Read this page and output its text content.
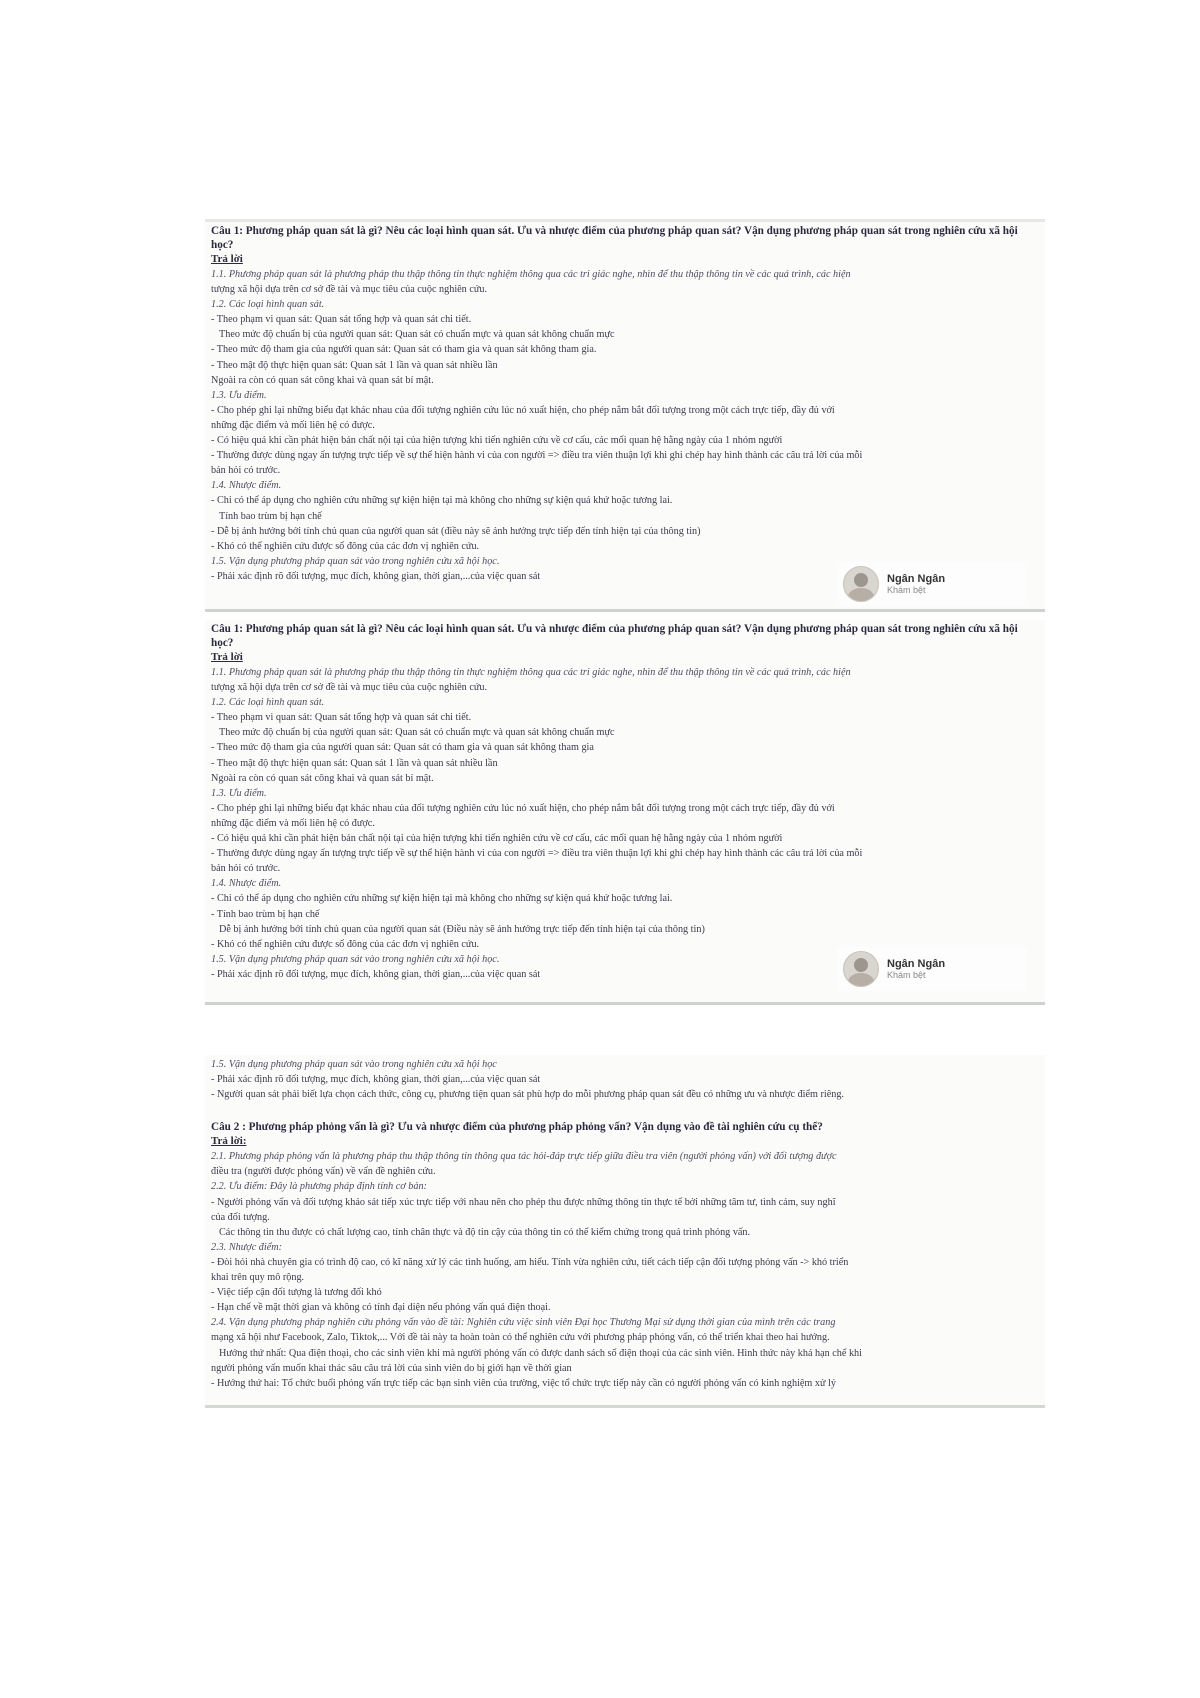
Câu 1: Phương pháp quan sát là gì? Nêu các loại hình quan sát. Ưu và nhược điểm của phương pháp quan sát? Vận dụng phương pháp quan sát trong nghiên cứu xã hội học?

Trả lời

1.1. Phương pháp quan sát là phương pháp thu thập thông tin thực nghiệm thông qua các tri giác nghe, nhìn để thu thập thông tin về các quá trình, các hiện

tượng xã hội dựa trên cơ sở đề tài và mục tiêu của cuộc nghiên cứu.

1.2. Các loại hình quan sát.

- Theo phạm vi quan sát: Quan sát tổng hợp và quan sát chi tiết.

Theo mức độ chuẩn bị của người quan sát: Quan sát có chuẩn mực và quan sát không chuẩn mực

- Theo mức độ tham gia của người quan sát: Quan sát có tham gia và quan sát không tham gia.

- Theo mật độ thực hiện quan sát: Quan sát 1 lần và quan sát nhiều lần

Ngoài ra còn có quan sát công khai và quan sát bí mật.

1.3. Ưu điểm.

- Cho phép ghi lại những biểu đạt khác nhau của đối tượng nghiên cứu lúc nó xuất hiện, cho phép nắm bắt đối tượng trong một cách trực tiếp, đầy đủ với

những đặc điểm và mối liên hệ có được.

- Có hiệu quả khi cần phát hiện bản chất nội tại của hiện tượng khi tiến nghiên cứu về cơ cấu, các mối quan hệ hằng ngày của 1 nhóm người

- Thường được dùng ngay ấn tượng trực tiếp về sự thể hiện hành vi của con người => điều tra viên thuận lợi khi ghi chép hay hình thành các câu trả lời của mỗi

bản hỏi có trước.

1.4. Nhược điểm.

- Chỉ có thể áp dụng cho nghiên cứu những sự kiện hiện tại mà không cho những sự kiện quá khứ hoặc tương lai.

Tính bao trùm bị hạn chế

- Dễ bị ảnh hưởng bởi tính chủ quan của người quan sát (điều này sẽ ảnh hưởng trực tiếp đến tính hiện tại của thông tin)

- Khó có thể nghiên cứu được số đông của các đơn vị nghiên cứu.

1.5. Vận dụng phương pháp quan sát vào trong nghiên cứu xã hội học.

- Phải xác định rõ đối tượng, mục đích, không gian, thời gian,...của việc quan sát	Ngân Ngân
Khám bệt

Câu 1: Phương pháp quan sát là gì? Nêu các loại hình quan sát. Ưu và nhược điểm của phương pháp quan sát? Vận dụng phương pháp quan sát trong nghiên cứu xã hội học?

Trả lời

1.1. Phương pháp quan sát là phương pháp thu thập thông tin thực nghiệm thông qua các tri giác nghe, nhìn để thu thập thông tin về các quá trình, các hiện

tượng xã hội dựa trên cơ sở đề tài và mục tiêu của cuộc nghiên cứu.

1.2. Các loại hình quan sát.

- Theo phạm vi quan sát: Quan sát tổng hợp và quan sát chi tiết.

Theo mức độ chuẩn bị của người quan sát: Quan sát có chuẩn mực và quan sát không chuẩn mực

- Theo mức độ tham gia của người quan sát: Quan sát có tham gia và quan sát không tham gia

- Theo mật độ thực hiện quan sát: Quan sát 1 lần và quan sát nhiều lần

Ngoài ra còn có quan sát công khai và quan sát bí mật.

1.3. Ưu điểm.

- Cho phép ghi lại những biểu đạt khác nhau của đối tượng nghiên cứu lúc nó xuất hiện, cho phép nắm bắt đối tượng trong một cách trực tiếp, đầy đủ với

những đặc điểm và mối liên hệ có được.

- Có hiệu quả khi cần phát hiện bản chất nội tại của hiện tượng khi tiến nghiên cứu về cơ cấu, các mối quan hệ hằng ngày của 1 nhóm người

- Thường được dùng ngay ấn tượng trực tiếp về sự thể hiện hành vi của con người => điều tra viên thuận lợi khi ghi chép hay hình thành các câu trả lời của mỗi

bản hỏi có trước.

1.4. Nhược điểm.

- Chỉ có thể áp dụng cho nghiên cứu những sự kiện hiện tại mà không cho những sự kiện quá khứ hoặc tương lai.

- Tính bao trùm bị hạn chế

Dễ bị ảnh hưởng bởi tính chủ quan của người quan sát (Điều này sẽ ảnh hưởng trực tiếp đến tính hiện tại của thông tin)

- Khó có thể nghiên cứu được số đông của các đơn vị nghiên cứu.

1.5. Vận dụng phương pháp quan sát vào trong nghiên cứu xã hội học.

- Phải xác định rõ đối tượng, mục đích, không gian, thời gian,...của việc quan sát

Ngân Ngân
Khám bệt

1.5. Vận dụng phương pháp quan sát vào trong nghiên cứu xã hội học

- Phải xác định rõ đối tượng, mục đích, không gian, thời gian,...của việc quan sát

- Người quan sát phải biết lựa chọn cách thức, công cụ, phương tiện quan sát phù hợp do mỗi phương pháp quan sát đều có những ưu và nhược điểm riêng.

Câu 2 : Phương pháp phỏng vấn là gì? Ưu và nhược điểm của phương pháp phỏng vấn? Vận dụng vào đề tài nghiên cứu cụ thể?

Trả lời:

2.1. Phương pháp phỏng vấn là phương pháp thu thập thông tin thông qua tác hỏi-đáp trực tiếp giữa điều tra viên (người phỏng vấn) với đối tượng được

điều tra (người được phỏng vấn) về vấn đề nghiên cứu.

2.2. Ưu điểm: Đây là phương pháp định tính cơ bản:

- Người phỏng vấn và đối tượng khảo sát tiếp xúc trực tiếp với nhau nên cho phép thu được những thông tin thực tế bởi những tâm tư, tình cảm, suy nghĩ

của đối tượng.

Các thông tin thu được có chất lượng cao, tính chân thực và độ tin cậy của thông tin có thể kiểm chứng trong quá trình phỏng vấn.

2.3. Nhược điểm:

- Đòi hỏi nhà chuyên gia có trình độ cao, có kĩ năng xử lý các tình huống, am hiểu. Tính vừa nghiên cứu, tiết cách tiếp cận đối tượng phỏng vấn -> khó triển

khai trên quy mô rộng.

- Việc tiếp cận đối tượng là tương đối khó

- Hạn chế về mặt thời gian và không có tính đại diện nếu phỏng vấn quá điện thoại.

2.4. Vận dụng phương pháp nghiên cứu phỏng vấn vào đề tài: Nghiên cứu việc sinh viên Đại học Thương Mại sử dụng thời gian của mình trên các trang

mạng xã hội như Facebook, Zalo, Tiktok,... Với đề tài này ta hoàn toàn có thể nghiên cứu với phương pháp phỏng vấn, có thể triển khai theo hai hướng.

Hướng thứ nhất: Qua điện thoại, cho các sinh viên khi mà người phỏng vấn có được danh sách số điện thoại của các sinh viên. Hình thức này khá hạn chế khi

người phỏng vấn muốn khai thác sâu câu trả lời của sinh viên do bị giới hạn về thời gian

- Hướng thứ hai: Tổ chức buổi phỏng vấn trực tiếp các bạn sinh viên của trường, việc tổ chức trực tiếp này cần có người phỏng vấn có kinh nghiệm xử lý
